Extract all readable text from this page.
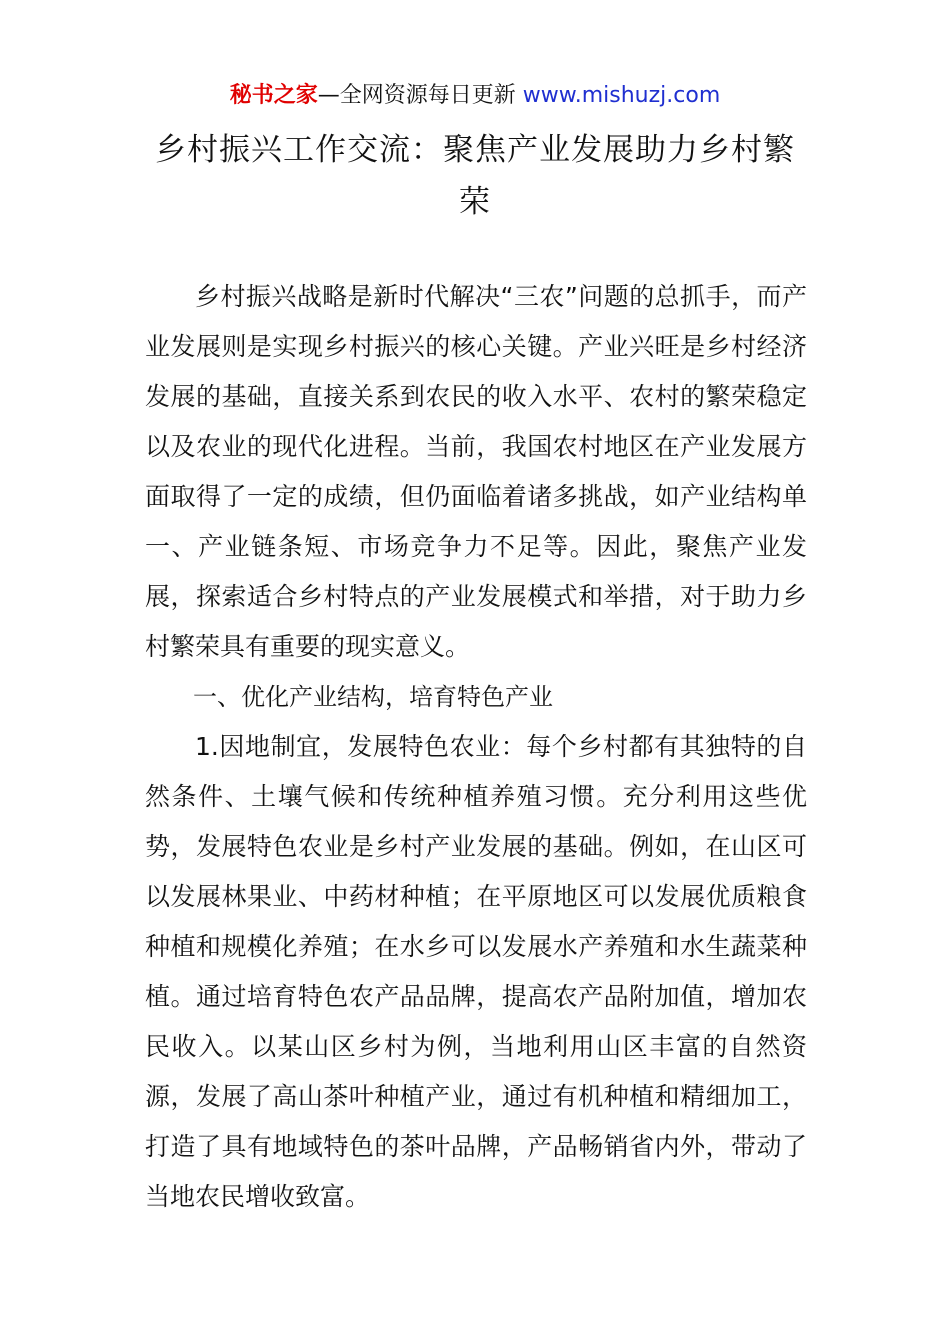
秘书之家—全网资源每日更新 www.mishuzj.com
乡村振兴工作交流：聚焦产业发展助力乡村繁荣

乡村振兴战略是新时代解决“三农”问题的总抓手，而产业发展则是实现乡村振兴的核心关键。产业兴旺是乡村经济发展的基础，直接关系到农民的收入水平、农村的繁荣稳定以及农业的现代化进程。当前，我国农村地区在产业发展方面取得了一定的成绩，但仍面临着诸多挑战，如产业结构单一、产业链条短、市场竞争力不足等。因此，聚焦产业发展，探索适合乡村特点的产业发展模式和举措，对于助力乡村繁荣具有重要的现实意义。

一、优化产业结构，培育特色产业

1.因地制宜，发展特色农业：每个乡村都有其独特的自然条件、土壤气候和传统种植养殖习惯。充分利用这些优势，发展特色农业是乡村产业发展的基础。例如，在山区可以发展林果业、中药材种植；在平原地区可以发展优质粮食种植和规模化养殖；在水乡可以发展水产养殖和水生蔬菜种植。通过培育特色农产品品牌，提高农产品附加值，增加农民收入。以某山区乡村为例，当地利用山区丰富的自然资源，发展了高山茶叶种植产业，通过有机种植和精细加工，打造了具有地域特色的茶叶品牌，产品畅销省内外，带动了当地农民增收致富。
